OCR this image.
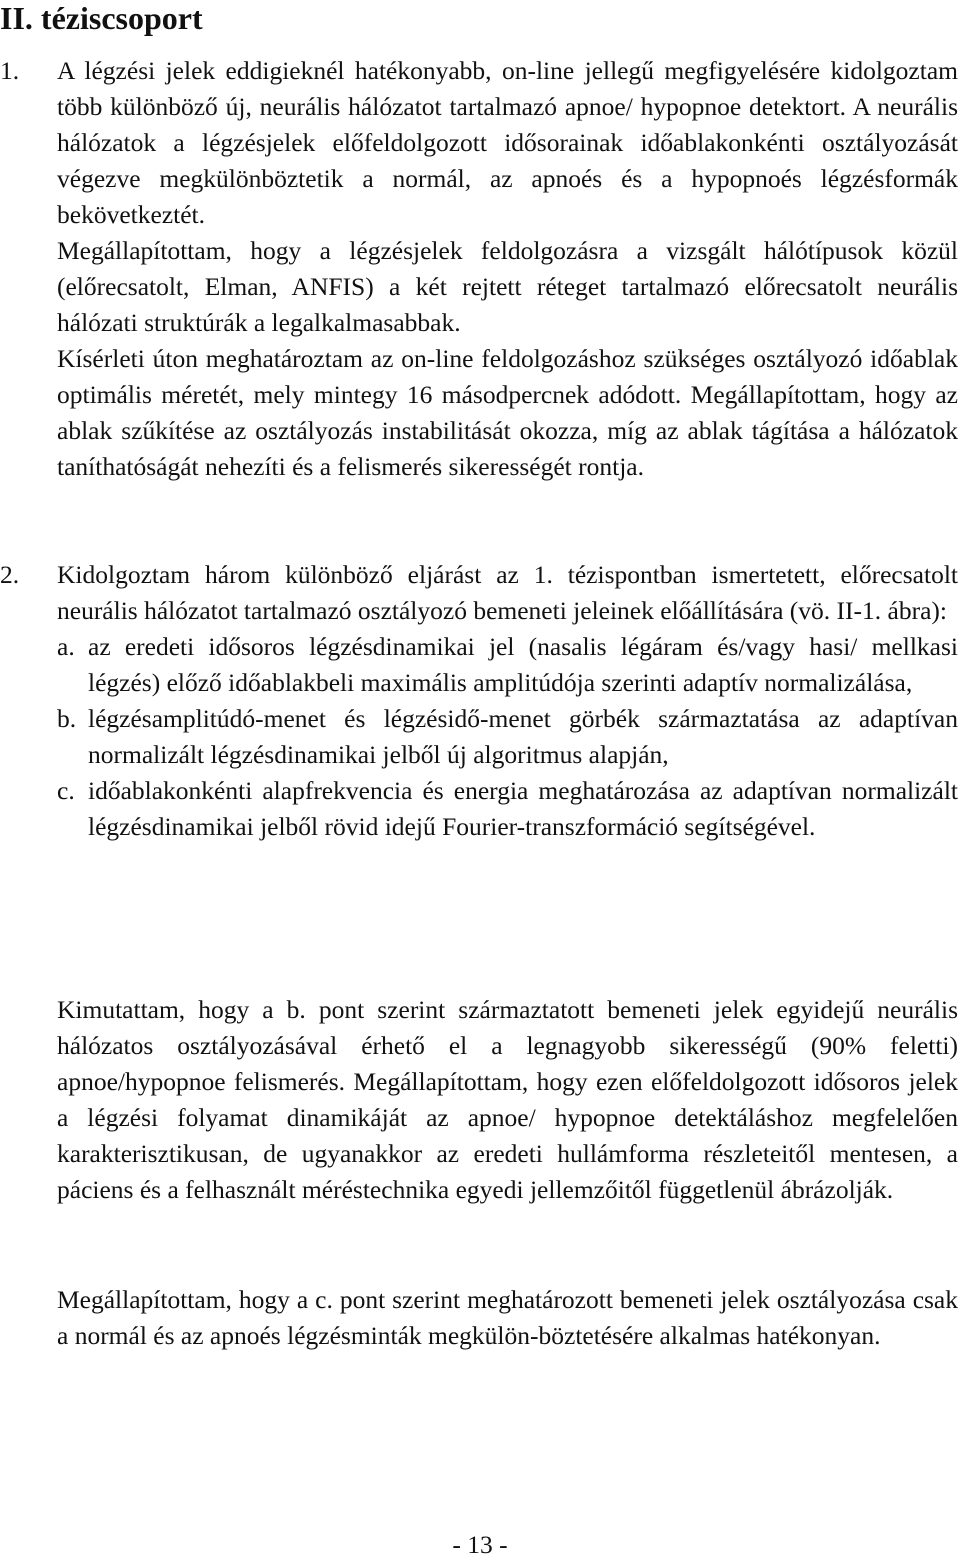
II. téziscsoport
1. A légzési jelek eddigieknél hatékonyabb, on-line jellegű megfigyelésére kidolgoztam több különböző új, neurális hálózatot tartalmazó apnoe/ hypopnoe detektort. A neurális hálózatok a légzésjelek előfeldolgozott idősorainak időablakonkénti osztályozását végezve megkülönböztetik a normál, az apnoés és a hypopnoés légzésformák bekövetkeztét.

Megállapítottam, hogy a légzésjelek feldolgozásra a vizsgált hálótípusok közül (előrecsatolt, Elman, ANFIS) a két rejtett réteget tartalmazó előrecsatolt neurális hálózati struktúrák a legalkalmasabbak.

Kísérleti úton meghatároztam az on-line feldolgozáshoz szükséges osztályozó időablak optimális méretét, mely mintegy 16 másodpercnek adódott. Megállapítottam, hogy az ablak szűkítése az osztályozás instabilitását okozza, míg az ablak tágítása a hálózatok taníthatóságát nehezíti és a felismerés sikerességét rontja.

2. Kidolgoztam három különböző eljárást az 1. tézispontban ismertetett, előrecsatolt neurális hálózatot tartalmazó osztályozó bemeneti jeleinek előállítására (vö. II-1. ábra):

a. az eredeti idősoros légzésdinamikai jel (nasalis légáram és/vagy hasi/ mellkasi légzés) előző időablakbeli maximális amplitúdója szerinti adaptív normalizálása,
b. légzésamplitúdó-menet és légzésidő-menet görbék származtatása az adaptívan normalizált légzésdinamikai jelből új algoritmus alapján,
c. időablakonkénti alapfrekvencia és energia meghatározása az adaptívan normalizált légzésdinamikai jelből rövid idejű Fourier-transzformáció segítségével.

Kimutattam, hogy a b. pont szerint származtatott bemeneti jelek egyidejű neurális hálózatos osztályozásával érhető el a legnagyobb sikerességű (90% feletti) apnoe/hypopnoe felismerés. Megállapítottam, hogy ezen előfeldolgozott idősoros jelek a légzési folyamat dinamikáját az apnoe/ hypopnoe detektáláshoz megfelelően karakterisztikusan, de ugyanakkor az eredeti hullámforma részleteitől mentesen, a páciens és a felhasznált méréstechnika egyedi jellemzőitől függetlenül ábrázolják.

Megállapítottam, hogy a c. pont szerint meghatározott bemeneti jelek osztályozása csak a normál és az apnoés légzésminták megkülön-böztetésére alkalmas hatékonyan.

- 13 -
